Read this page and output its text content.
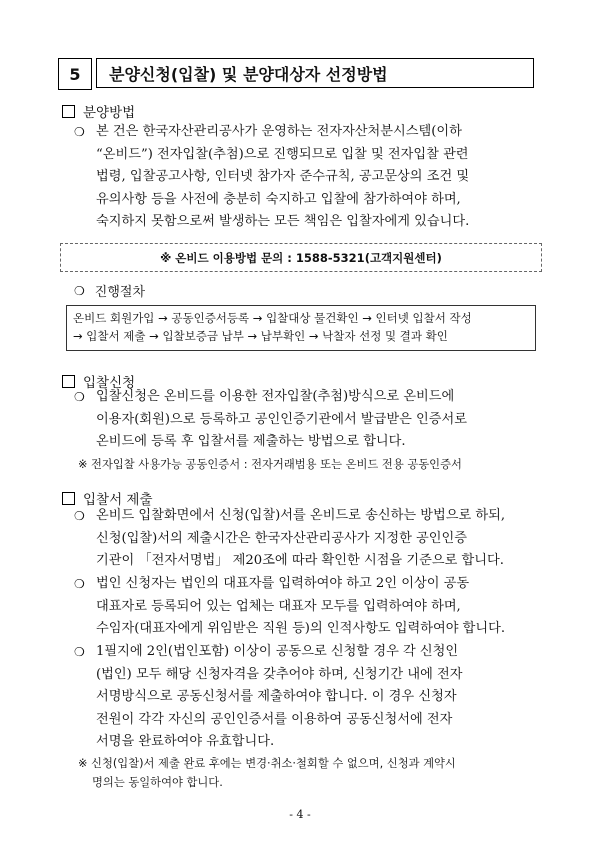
5	분양신청(입찰) 및 분양대상자 선정방법
분양방법
❍ 본 건은 한국자산관리공사가 운영하는 전자자산처분시스템(이하
“온비드”) 전자입찰(추첨)으로 진행되므로 입찰 및 전자입찰 관련
법령, 입찰공고사항, 인터넷 참가자 준수규칙, 공고문상의 조건 및
유의사항 등을 사전에 충분히 숙지하고 입찰에 참가하여야 하며,
숙지하지 못함으로써 발생하는 모든 책임은 입찰자에게 있습니다.
※ 온비드 이용방법 문의 : 1588-5321(고객지원센터)
❍ 진행절차
온비드 회원가입 → 공동인증서등록 → 입찰대상 물건확인 → 인터넷 입찰서 작성
→ 입찰서 제출 → 입찰보증금 납부 → 납부확인 → 낙찰자 선정 및 결과 확인
입찰신청
❍ 입찰신청은 온비드를 이용한 전자입찰(추첨)방식으로 온비드에
이용자(회원)으로 등록하고 공인인증기관에서 발급받은 인증서로
온비드에 등록 후 입찰서를 제출하는 방법으로 합니다.
※ 전자입찰 사용가능 공동인증서 : 전자거래범용 또는 온비드 전용 공동인증서
입찰서 제출
❍ 온비드 입찰화면에서 신청(입찰)서를 온비드로 송신하는 방법으로 하되,
신청(입찰)서의 제출시간은 한국자산관리공사가 지정한 공인인증
기관이 「전자서명법」 제20조에 따라 확인한 시점을 기준으로 합니다.
❍ 법인 신청자는 법인의 대표자를 입력하여야 하고 2인 이상이 공동
대표자로 등록되어 있는 업체는 대표자 모두를 입력하여야 하며,
수임자(대표자에게 위임받은 직원 등)의 인적사항도 입력하여야 합니다.
❍ 1필지에 2인(법인포함) 이상이 공동으로 신청할 경우 각 신청인
(법인) 모두 해당 신청자격을 갖추어야 하며, 신청기간 내에 전자
서명방식으로 공동신청서를 제출하여야 합니다. 이 경우 신청자
전원이 각각 자신의 공인인증서를 이용하여 공동신청서에 전자
서명을 완료하여야 유효합니다.
※ 신청(입찰)서 제출 완료 후에는 변경·취소·철회할 수 없으며, 신청과 계약시
명의는 동일하여야 합니다.
- 4 -
